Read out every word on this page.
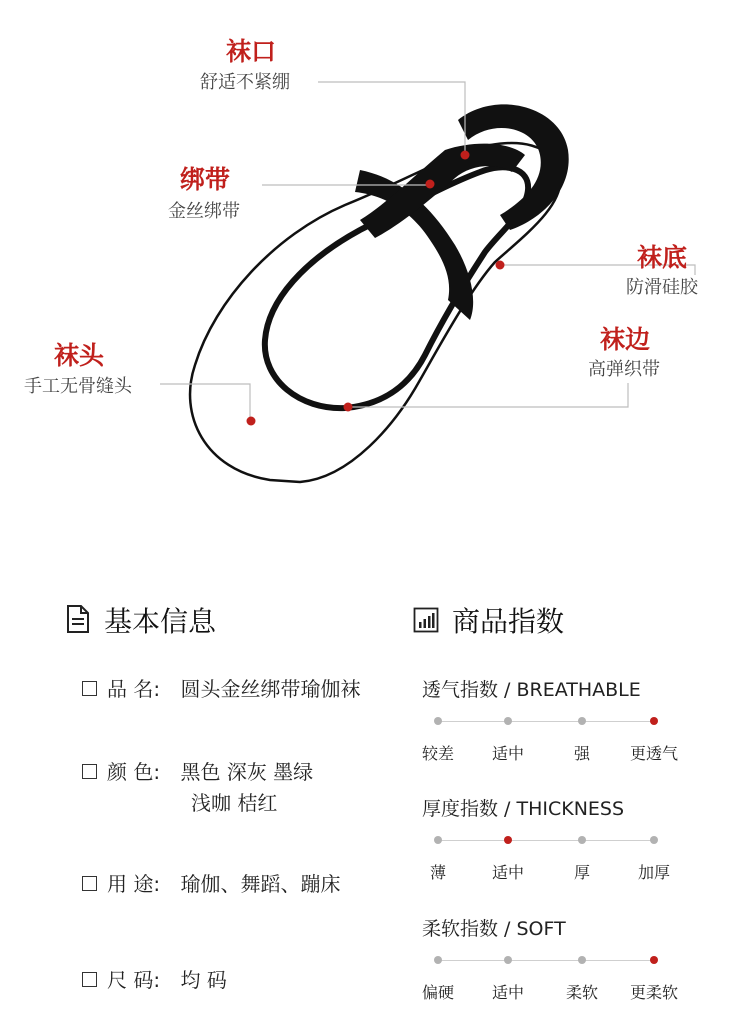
袜口
舒适不紧绷
绑带
金丝绑带
袜底
防滑硅胶
袜边
高弹织带
袜头
手工无骨缝头
基本信息
品 名: 圆头金丝绑带瑜伽袜
颜 色: 黑色 深灰 墨绿
浅咖 桔红
用 途: 瑜伽、舞蹈、蹦床
尺 码: 均 码
商品指数
透气指数 / BREATHABLE
较差	适中	强	更透气
厚度指数 / THICKNESS
薄	适中	厚	加厚
柔软指数 / SOFT
偏硬	适中	柔软	更柔软
